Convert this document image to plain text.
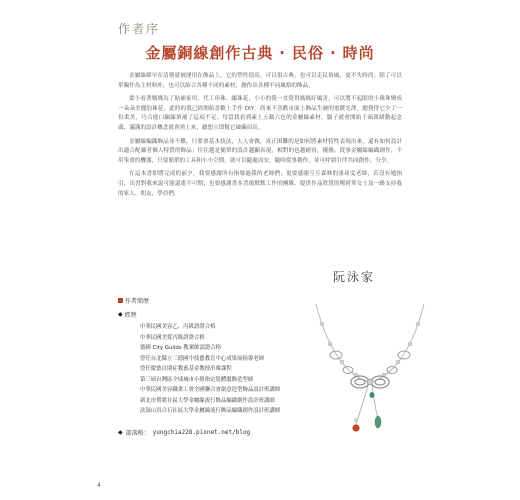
作者序
金屬銅線創作古典 ‧ 民俗 ‧ 時尚

金屬線緯早在清朝就被運用在飾品上，它的塑性很高，可以很古典，也可以走民俗風，更不失時尚；除了可以單獨作為主材料外，也可以結合各種不同的素材，創作出各種不同風格的飾品。

從小看著媽媽為了貼補家用，代工串珠、繡珠花，小小的我一直覺得媽媽好厲害，可以將不起眼的小珠珠變成一朵朵美麗的珠花，此時的我已經開始喜歡上手作 DIY。尚來不喜歡市面上飾品生硬的電鍍光澤，總覺得它少了一份柔美，巧合進口銅線填補了這項不足；每當我看到素上五顏六色的金屬線素材，腦子就會開始千頭萬緒動起念頭，滿滿的設計概念就會湧上來，總想立即幫它破繭而出。

金屬線編織飾品並不難，只要會基本技法，人人會做，真正困難的是如何將素材特性表現出來，還有如何設計出適合配戴者個人特質的飾品；往往越是簡單的設計越顯表現，相對的也越耐看，優雅。從事金屬線編織創作，不用笨重的機器，只要簡單的工具和小小空間，就可以隨處而安，隨時從事創作，並可呼朋引伴共同創作，分享。

在這本書即將完成的前夕，我要感謝所有指導過我的老師們；更要感謝互互森林的張琦雯老師，若沒有她指引，出書對我來說可能還遙不可期；也要感謝書本背後默默工作的團隊、提供作品欣賞的鄭碧華女士及一路支持我的家人、朋友、學員們。

阮泳家
作者簡歷
◆ 經歷
中華民國美容乙、丙級證證合格
中華民國美髮丙級證證合格
德國 City Guilds 教案師認證合格
曾任台北縣立三德國中技藝教育中心成果展指導老師
曾任慶德自閉症教養基金教授串珠課程
第三屆台灣區全球城市小姐指定髮體服飾造型師
中華民國美容職業工會全國聯合會創意造型飾品設計班講師
新北市鶯歌社區大學金屬線流行飾品編織創作設計班講師
法鼓山真合石社區大學金屬線流行飾品編織創作設計班講師
◆ 部落格： yungchia228.pixnet.net/blog
4
